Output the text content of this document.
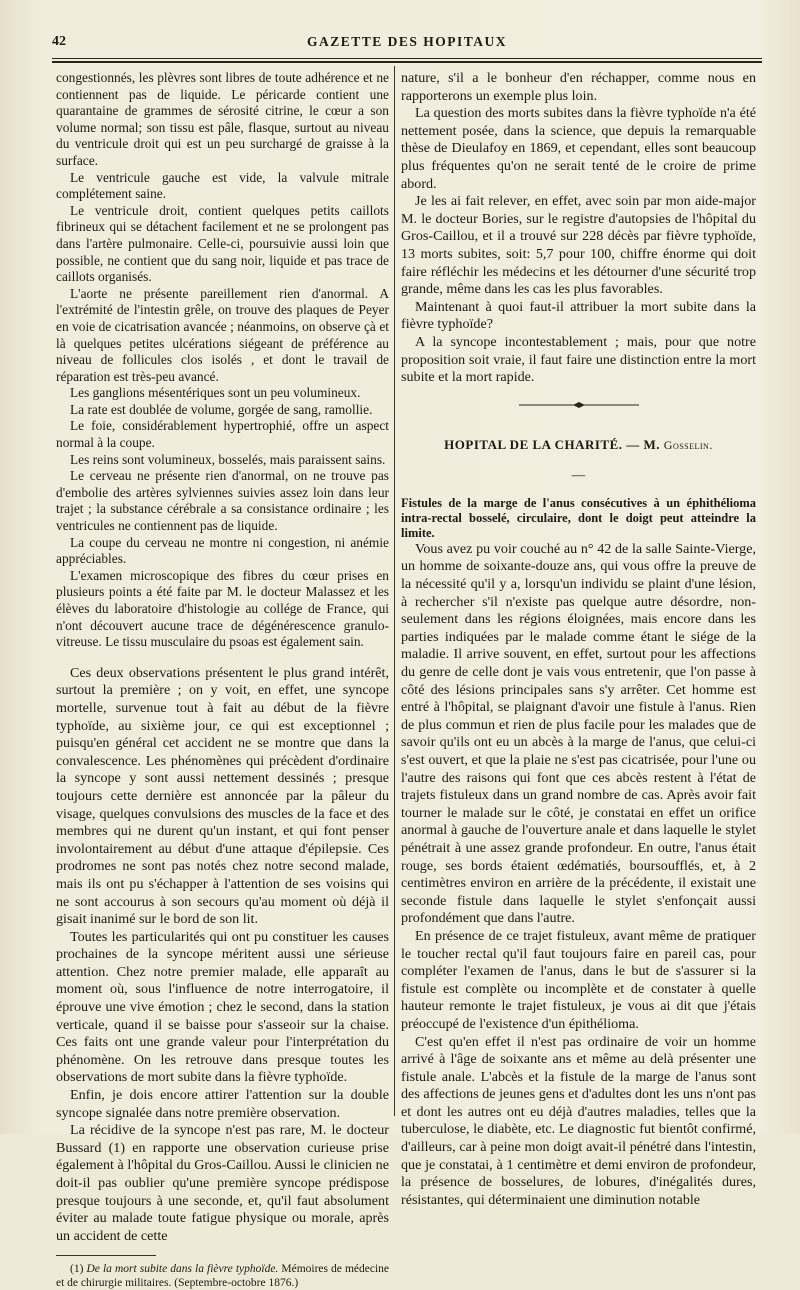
42	GAZETTE DES HOPITAUX

congestionnés, les plèvres sont libres de toute adhérence et ne contiennent pas de liquide. Le péricarde contient une quarantaine de grammes de sérosité citrine, le cœur a son volume normal; son tissu est pâle, flasque, surtout au niveau du ventricule droit qui est un peu surchargé de graisse à la surface.

Le ventricule gauche est vide, la valvule mitrale complétement saine.

Le ventricule droit, contient quelques petits caillots fibrineux qui se détachent facilement et ne se prolongent pas dans l'artère pulmonaire. Celle-ci, poursuivie aussi loin que possible, ne contient que du sang noir, liquide et pas trace de caillots organisés.

L'aorte ne présente pareillement rien d'anormal. A l'extrémité de l'intestin grêle, on trouve des plaques de Peyer en voie de cicatrisation avancée ; néanmoins, on observe çà et là quelques petites ulcérations siégeant de préférence au niveau de follicules clos isolés , et dont le travail de réparation est très-peu avancé.

Les ganglions mésentériques sont un peu volumineux.

La rate est doublée de volume, gorgée de sang, ramollie.

Le foie, considérablement hypertrophié, offre un aspect normal à la coupe.

Les reins sont volumineux, bosselés, mais paraissent sains.

Le cerveau ne présente rien d'anormal, on ne trouve pas d'embolie des artères sylviennes suivies assez loin dans leur trajet ; la substance cérébrale a sa consistance ordinaire ; les ventricules ne contiennent pas de liquide.

La coupe du cerveau ne montre ni congestion, ni anémie appréciables.

L'examen microscopique des fibres du cœur prises en plusieurs points a été faite par M. le docteur Malassez et les élèves du laboratoire d'histologie au collége de France, qui n'ont découvert aucune trace de dégénérescence granulo-vitreuse. Le tissu musculaire du psoas est également sain.

Ces deux observations présentent le plus grand intérêt, surtout la première ; on y voit, en effet, une syncope mortelle, survenue tout à fait au début de la fièvre typhoïde, au sixième jour, ce qui est exceptionnel ; puisqu'en général cet accident ne se montre que dans la convalescence. Les phénomènes qui précèdent d'ordinaire la syncope y sont aussi nettement dessinés ; presque toujours cette dernière est annoncée par la pâleur du visage, quelques convulsions des muscles de la face et des membres qui ne durent qu'un instant, et qui font penser involontairement au début d'une attaque d'épilepsie. Ces prodromes ne sont pas notés chez notre second malade, mais ils ont pu s'échapper à l'attention de ses voisins qui ne sont accourus à son secours qu'au moment où déjà il gisait inanimé sur le bord de son lit.

Toutes les particularités qui ont pu constituer les causes prochaines de la syncope méritent aussi une sérieuse attention. Chez notre premier malade, elle apparaît au moment où, sous l'influence de notre interrogatoire, il éprouve une vive émotion ; chez le second, dans la station verticale, quand il se baisse pour s'asseoir sur la chaise. Ces faits ont une grande valeur pour l'interprétation du phénomène. On les retrouve dans presque toutes les observations de mort subite dans la fièvre typhoïde.

Enfin, je dois encore attirer l'attention sur la double syncope signalée dans notre première observation.

La récidive de la syncope n'est pas rare, M. le docteur Bussard (1) en rapporte une observation curieuse prise également à l'hôpital du Gros-Caillou. Aussi le clinicien ne doit-il pas oublier qu'une première syncope prédispose presque toujours à une seconde, et, qu'il faut absolument éviter au malade toute fatigue physique ou morale, après un accident de cette

(1) De la mort subite dans la fièvre typhoïde. Mémoires de médecine et de chirurgie militaires. (Septembre-octobre 1876.)

nature, s'il a le bonheur d'en réchapper, comme nous en rapporterons un exemple plus loin.

La question des morts subites dans la fièvre typhoïde n'a été nettement posée, dans la science, que depuis la remarquable thèse de Dieulafoy en 1869, et cependant, elles sont beaucoup plus fréquentes qu'on ne serait tenté de le croire de prime abord.

Je les ai fait relever, en effet, avec soin par mon aide-major M. le docteur Bories, sur le registre d'autopsies de l'hôpital du Gros-Caillou, et il a trouvé sur 228 décès par fièvre typhoïde, 13 morts subites, soit: 5,7 pour 100, chiffre énorme qui doit faire réfléchir les médecins et les détourner d'une sécurité trop grande, même dans les cas les plus favorables.

Maintenant à quoi faut-il attribuer la mort subite dans la fièvre typhoïde?

A la syncope incontestablement ; mais, pour que notre proposition soit vraie, il faut faire une distinction entre la mort subite et la mort rapide.

HOPITAL DE LA CHARITÉ. — M. Gosselin.
—

Fistules de la marge de l'anus consécutives à un éphithélioma intra-rectal bosselé, circulaire, dont le doigt peut atteindre la limite.

Vous avez pu voir couché au n° 42 de la salle Sainte-Vierge, un homme de soixante-douze ans, qui vous offre la preuve de la nécessité qu'il y a, lorsqu'un individu se plaint d'une lésion, à rechercher s'il n'existe pas quelque autre désordre, non-seulement dans les régions éloignées, mais encore dans les parties indiquées par le malade comme étant le siége de la maladie. Il arrive souvent, en effet, surtout pour les affections du genre de celle dont je vais vous entretenir, que l'on passe à côté des lésions principales sans s'y arrêter. Cet homme est entré à l'hôpital, se plaignant d'avoir une fistule à l'anus. Rien de plus commun et rien de plus facile pour les malades que de savoir qu'ils ont eu un abcès à la marge de l'anus, que celui-ci s'est ouvert, et que la plaie ne s'est pas cicatrisée, pour l'une ou l'autre des raisons qui font que ces abcès restent à l'état de trajets fistuleux dans un grand nombre de cas. Après avoir fait tourner le malade sur le côté, je constatai en effet un orifice anormal à gauche de l'ouverture anale et dans laquelle le stylet pénétrait à une assez grande profondeur. En outre, l'anus était rouge, ses bords étaient œdématiés, boursoufflés, et, à 2 centimètres environ en arrière de la précédente, il existait une seconde fistule dans laquelle le stylet s'enfonçait aussi profondément que dans l'autre.

En présence de ce trajet fistuleux, avant même de pratiquer le toucher rectal qu'il faut toujours faire en pareil cas, pour compléter l'examen de l'anus, dans le but de s'assurer si la fistule est complète ou incomplète et de constater à quelle hauteur remonte le trajet fistuleux, je vous ai dit que j'étais préoccupé de l'existence d'un épithélioma.

C'est qu'en effet il n'est pas ordinaire de voir un homme arrivé à l'âge de soixante ans et même au delà présenter une fistule anale. L'abcès et la fistule de la marge de l'anus sont des affections de jeunes gens et d'adultes dont les uns n'ont pas et dont les autres ont eu déjà d'autres maladies, telles que la tuberculose, le diabète, etc. Le diagnostic fut bientôt confirmé, d'ailleurs, car à peine mon doigt avait-il pénétré dans l'intestin, que je constatai, à 1 centimètre et demi environ de profondeur, la présence de bosselures, de lobures, d'inégalités dures, résistantes, qui déterminaient une diminution notable
